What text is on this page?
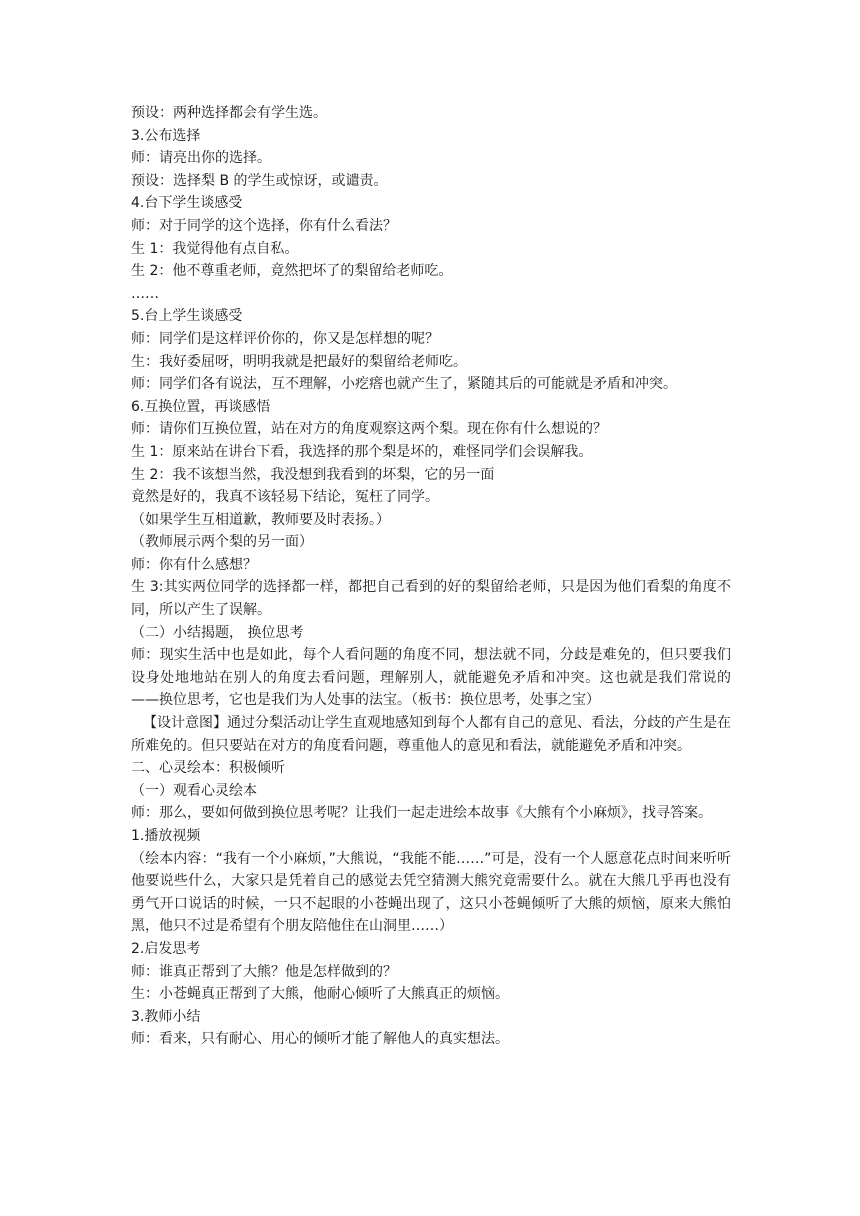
预设：两种选择都会有学生选。
3.公布选择
师：请亮出你的选择。
预设：选择梨 B 的学生或惊讶，或谴责。
4.台下学生谈感受
师：对于同学的这个选择，你有什么看法？
生 1：我觉得他有点自私。
生 2：他不尊重老师，竟然把坏了的梨留给老师吃。
……
5.台上学生谈感受
师：同学们是这样评价你的，你又是怎样想的呢？
生：我好委屈呀，明明我就是把最好的梨留给老师吃。
师：同学们各有说法，互不理解，小疙瘩也就产生了，紧随其后的可能就是矛盾和冲突。
6.互换位置，再谈感悟
师：请你们互换位置，站在对方的角度观察这两个梨。现在你有什么想说的？
生 1：原来站在讲台下看，我选择的那个梨是坏的，难怪同学们会误解我。
生 2：我不该想当然，我没想到我看到的坏梨，它的另一面
竟然是好的，我真不该轻易下结论，冤枉了同学。
（如果学生互相道歉，教师要及时表扬。）
（教师展示两个梨的另一面）
师：你有什么感想？
生 3:其实两位同学的选择都一样，都把自己看到的好的梨留给老师，只是因为他们看梨的角度不同，所以产生了误解。
（二）小结揭题， 换位思考
师：现实生活中也是如此，每个人看问题的角度不同，想法就不同，分歧是难免的，但只要我们设身处地地站在别人的角度去看问题，理解别人，就能避免矛盾和冲突。这也就是我们常说的——换位思考，它也是我们为人处事的法宝。（板书：换位思考，处事之宝）
【设计意图】通过分梨活动让学生直观地感知到每个人都有自己的意见、看法，分歧的产生是在所难免的。但只要站在对方的角度看问题，尊重他人的意见和看法，就能避免矛盾和冲突。
二、心灵绘本：积极倾听
（一）观看心灵绘本
师：那么，要如何做到换位思考呢？让我们一起走进绘本故事《大熊有个小麻烦》，找寻答案。
1.播放视频
（绘本内容：“我有一个小麻烦，”大熊说，“我能不能……”可是，没有一个人愿意花点时间来听听他要说些什么，大家只是凭着自己的感觉去凭空猜测大熊究竟需要什么。就在大熊几乎再也没有勇气开口说话的时候，一只不起眼的小苍蝇出现了，这只小苍蝇倾听了大熊的烦恼，原来大熊怕黑，他只不过是希望有个朋友陪他住在山洞里……）
2.启发思考
师：谁真正帮到了大熊？他是怎样做到的？
生：小苍蝇真正帮到了大熊，他耐心倾听了大熊真正的烦恼。
3.教师小结
师：看来，只有耐心、用心的倾听才能了解他人的真实想法。
